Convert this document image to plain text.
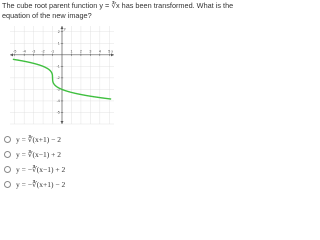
The cube root parent function y = ∛x has been transformed. What is the
equation of the new image?
-5 -4 -3 -2 -1	1 2 3 4 5
2
1
-1
-2
-3
-4
-5
x
y
y = ∛(x+1) − 2
y = ∛(x−1) + 2
y = −∛(x−1) + 2
y = −∛(x+1) − 2
